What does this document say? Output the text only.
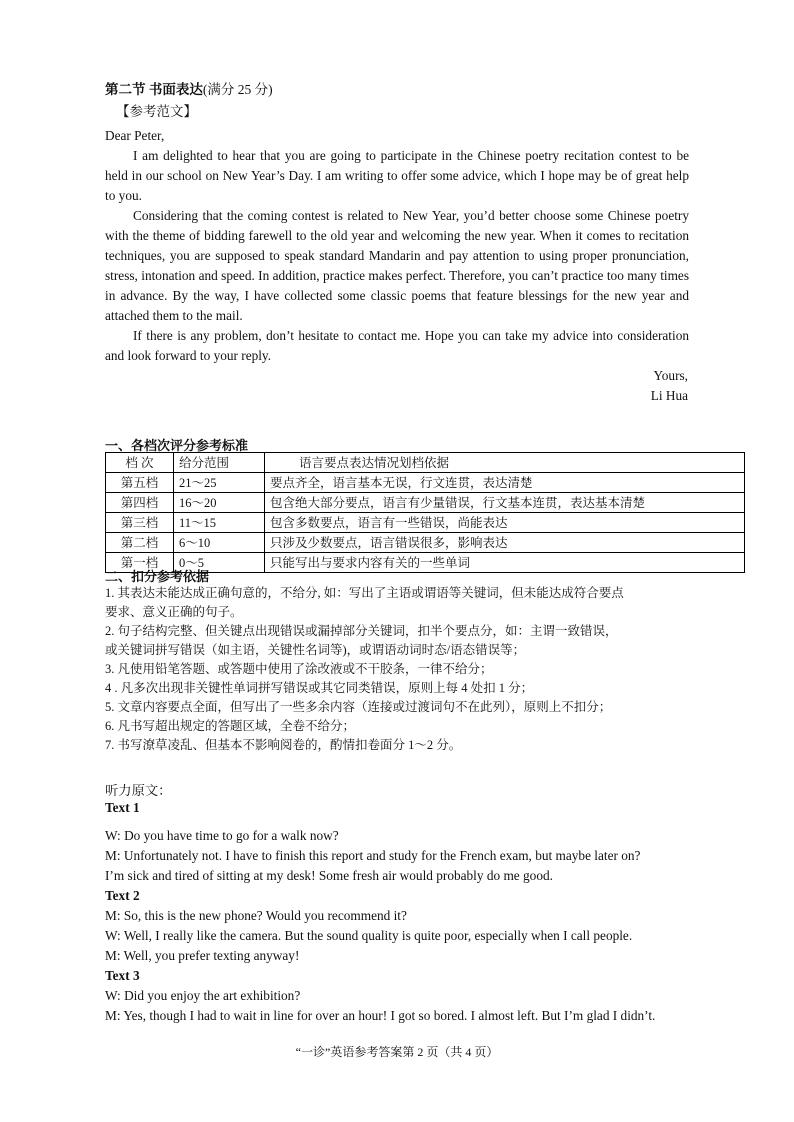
第二节 书面表达(满分 25 分)
【参考范文】

Dear Peter,

I am delighted to hear that you are going to participate in the Chinese poetry recitation contest to be held in our school on New Year’s Day. I am writing to offer some advice, which I hope may be of great help to you.

Considering that the coming contest is related to New Year, you’d better choose some Chinese poetry with the theme of bidding farewell to the old year and welcoming the new year. When it comes to recitation techniques, you are supposed to speak standard Mandarin and pay attention to using proper pronunciation, stress, intonation and speed. In addition, practice makes perfect. Therefore, you can’t practice too many times in advance. By the way, I have collected some classic poems that feature blessings for the new year and attached them to the mail.

If there is any problem, don’t hesitate to contact me. Hope you can take my advice into consideration and look forward to your reply.

Yours,
Li Hua
一、各档次评分参考标准
档 次	给分范围	语言要点表达情况划档依据
第五档	21～25	要点齐全，语言基本无误，行文连贯，表达清楚
第四档	16～20	包含绝大部分要点，语言有少量错误，行文基本连贯，表达基本清楚
第三档	11～15	包含多数要点，语言有一些错误，尚能表达
第二档	6～10	只涉及少数要点，语言错误很多，影响表达
第一档	0～5	只能写出与要求内容有关的一些单词
二、扣分参考依据
1. 其表达未能达成正确句意的，不给分, 如：写出了主语或谓语等关键词，但未能达成符合要点
要求、意义正确的句子。
2. 句子结构完整、但关键点出现错误或漏掉部分关键词，扣半个要点分，如：主谓一致错误，
或关键词拼写错误（如主语，关键性名词等)，或谓语动词时态/语态错误等；
3. 凡使用铅笔答题、或答题中使用了涂改液或不干胶条，一律不给分；
4 . 凡多次出现非关键性单词拼写错误或其它同类错误，原则上每 4 处扣 1 分；
5. 文章内容要点全面，但写出了一些多余内容（连接或过渡词句不在此列），原则上不扣分；
6. 凡书写超出规定的答题区域，全卷不给分；
7. 书写潦草凌乱、但基本不影响阅卷的，酌情扣卷面分 1～2 分。
听力原文：
Text 1
W: Do you have time to go for a walk now?
M: Unfortunately not. I have to finish this report and study for the French exam, but maybe later on?
I’m sick and tired of sitting at my desk! Some fresh air would probably do me good.
Text 2
M: So, this is the new phone? Would you recommend it?
W: Well, I really like the camera. But the sound quality is quite poor, especially when I call people.
M: Well, you prefer texting anyway!
Text 3
W: Did you enjoy the art exhibition?
M: Yes, though I had to wait in line for over an hour! I got so bored. I almost left. But I’m glad I didn’t.
“一诊”英语参考答案第 2 页（共 4 页）
